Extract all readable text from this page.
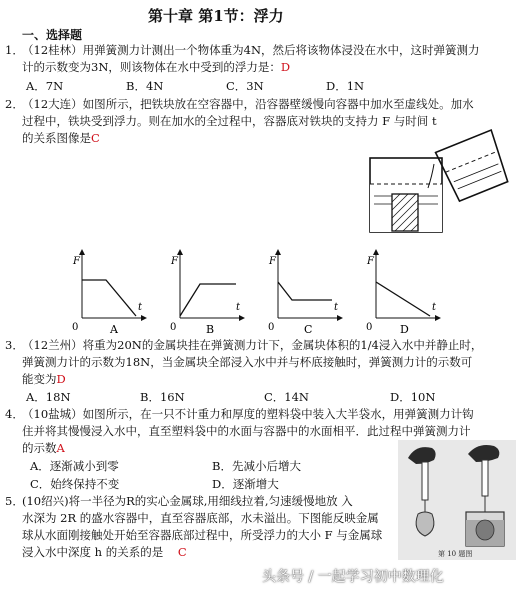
第十章 第1节：浮力
一、选择题
1．
（12桂林）用弹簧测力计测出一个物体重为4N，然后将该物体浸没在水中，这时弹簧测力
计的示数变为3N，则该物体在水中受到的浮力是：D
A．7N	B．4N	C．3N	D．1N
2．
（12大连）如图所示，把铁块放在空容器中，沿容器壁缓慢向容器中加水至虚线处。加水
过程中，铁块受到浮力。则在加水的全过程中，容器底对铁块的支持力 F 与时间 t
的关系图像是C
F
t
0	A
F
t
0	B
F
t
0	C
F
t
0	D
3．
（12兰州）将重为20N的金属块挂在弹簧测力计下，金属块体积的1/4浸入水中并静止时，
弹簧测力计的示数为18N，当金属块全部浸入水中并与杯底接触时，弹簧测力计的示数可
能变为D
A．18N	B．16N	C．14N	D．10N
4．
（10盐城）如图所示，在一只不计重力和厚度的塑料袋中装入大半袋水，用弹簧测力计钩
住并将其慢慢浸入水中，直至塑料袋中的水面与容器中的水面相平．此过程中弹簧测力计
的示数A
A．逐渐减小到零	B．先减小后增大
C．始终保持不变	D．逐渐增大
第 10 题图
5．
(10绍兴)将一半径为R的实心金属球,用细线拉着,匀速缓慢地放 入
水深为 2R 的盛水容器中，直至容器底部，水未溢出。下图能反映金属
球从水面刚接触处开始至容器底部过程中，所受浮力的大小 F 与金属球
浸入水中深度 h 的关系的是 C
头条号 / 一起学习初中数理化
